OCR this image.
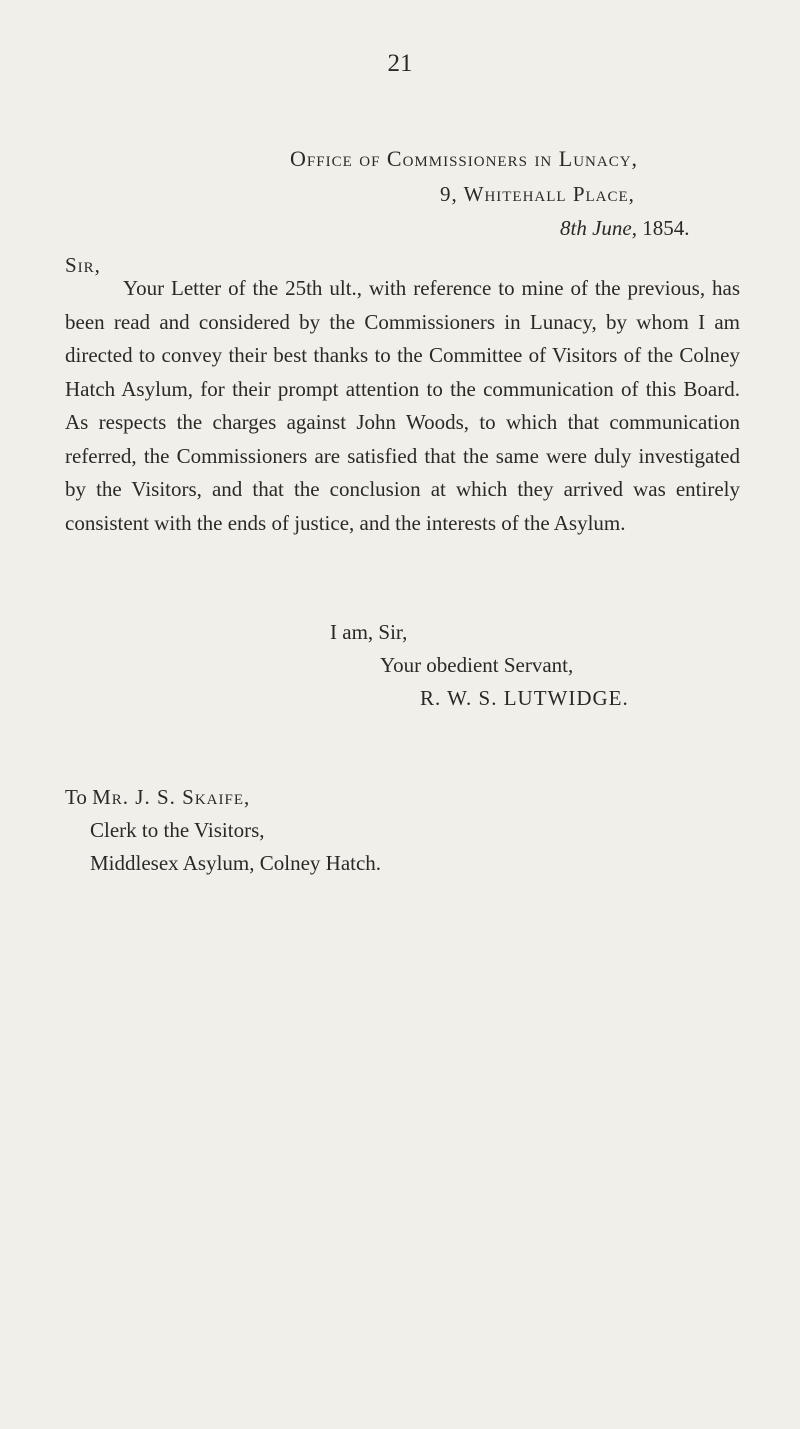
21
Office of Commissioners in Lunacy,
9, Whitehall Place,
8th June, 1854.
Sir,

Your Letter of the 25th ult., with reference to mine of the previous, has been read and considered by the Commissioners in Lunacy, by whom I am directed to convey their best thanks to the Committee of Visitors of the Colney Hatch Asylum, for their prompt attention to the communication of this Board. As respects the charges against John Woods, to which that communication referred, the Commissioners are satisfied that the same were duly investigated by the Visitors, and that the conclusion at which they arrived was entirely consistent with the ends of justice, and the interests of the Asylum.

I am, Sir,
Your obedient Servant,
R. W. S. LUTWIDGE.
To Mr. J. S. Skaife,
Clerk to the Visitors,
Middlesex Asylum, Colney Hatch.
